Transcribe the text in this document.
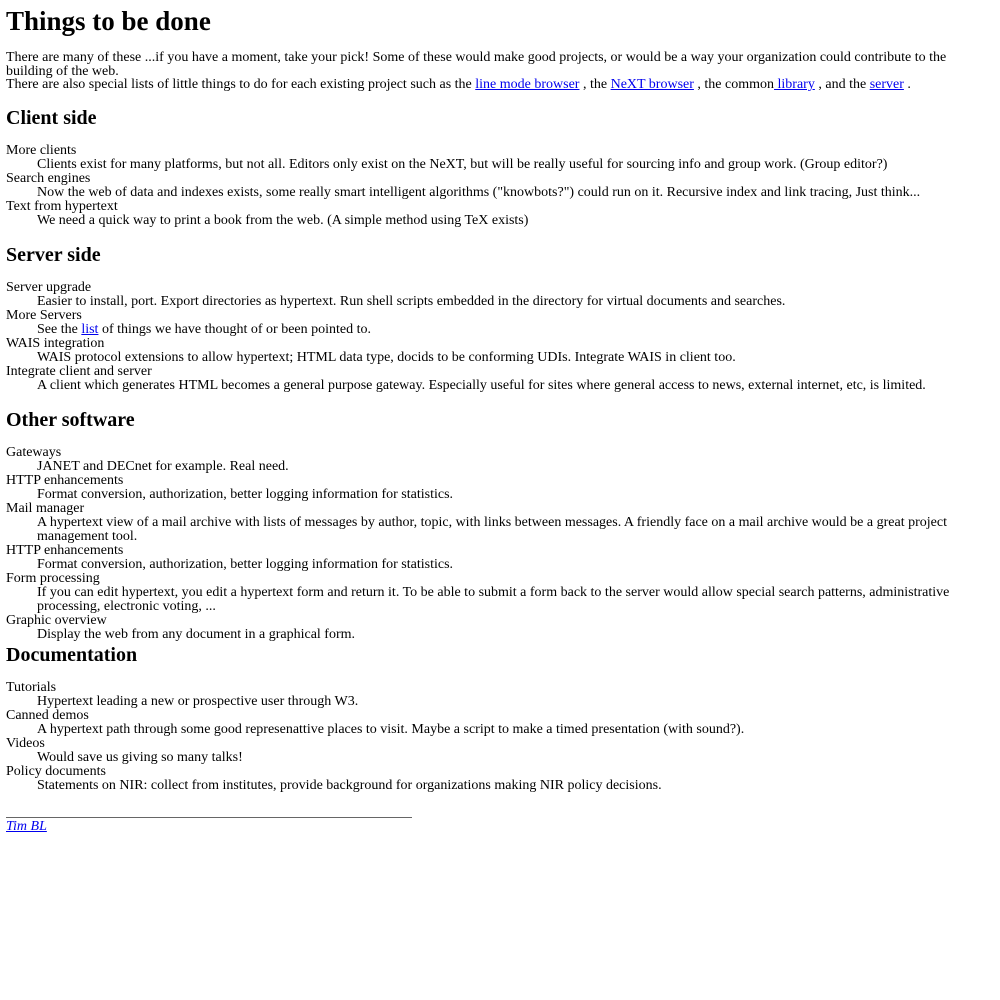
Things to be done

There are many of these ...if you have a moment, take your pick! Some of these would make good projects, or would be a way your organization could contribute to the building of the web.

There are also special lists of little things to do for each existing project such as the line mode browser , the NeXT browser , the common library , and the server .

Client side
More clients
Clients exist for many platforms, but not all. Editors only exist on the NeXT, but will be really useful for sourcing info and group work. (Group editor?)
Search engines
Now the web of data and indexes exists, some really smart intelligent algorithms ("knowbots?") could run on it. Recursive index and link tracing, Just think...
Text from hypertext
We need a quick way to print a book from the web. (A simple method using TeX exists)
Server side
Server upgrade
Easier to install, port. Export directories as hypertext. Run shell scripts embedded in the directory for virtual documents and searches.
More Servers
See the list of things we have thought of or been pointed to.
WAIS integration
WAIS protocol extensions to allow hypertext; HTML data type, docids to be conforming UDIs. Integrate WAIS in client too.
Integrate client and server
A client which generates HTML becomes a general purpose gateway. Especially useful for sites where general access to news, external internet, etc, is limited.
Other software
Gateways
JANET and DECnet for example. Real need.
HTTP enhancements
Format conversion, authorization, better logging information for statistics.
Mail manager
A hypertext view of a mail archive with lists of messages by author, topic, with links between messages. A friendly face on a mail archive would be a great project management tool.
HTTP enhancements
Format conversion, authorization, better logging information for statistics.
Form processing
If you can edit hypertext, you edit a hypertext form and return it. To be able to submit a form back to the server would allow special search patterns, administrative processing, electronic voting, ...
Graphic overview
Display the web from any document in a graphical form.
Documentation
Tutorials
Hypertext leading a new or prospective user through W3.
Canned demos
A hypertext path through some good represenattive places to visit. Maybe a script to make a timed presentation (with sound?).
Videos
Would save us giving so many talks!
Policy documents
Statements on NIR: collect from institutes, provide background for organizations making NIR policy decisions.
Tim BL
